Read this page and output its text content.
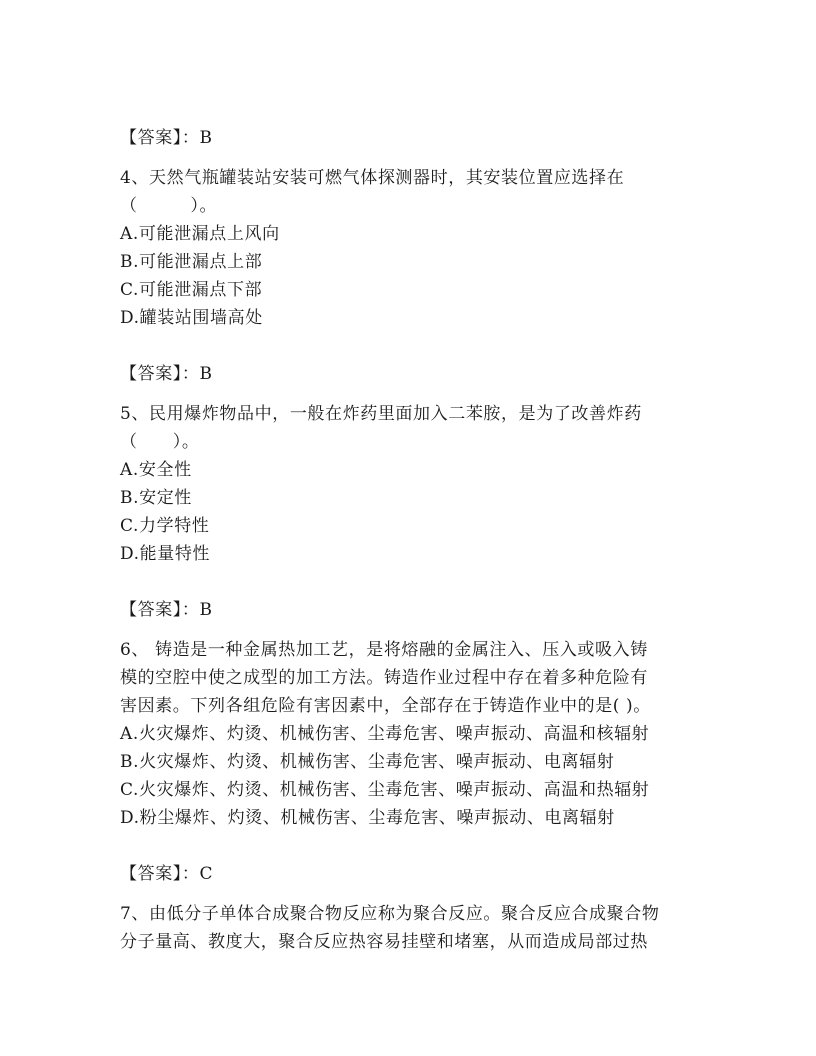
【答案】：B
4、天然气瓶罐装站安装可燃气体探测器时，其安装位置应选择在
（　　　）。
A.可能泄漏点上风向
B.可能泄漏点上部
C.可能泄漏点下部
D.罐装站围墙高处
【答案】：B
5、民用爆炸物品中，一般在炸药里面加入二苯胺，是为了改善炸药
（　　）。
A.安全性
B.安定性
C.力学特性
D.能量特性
【答案】：B
6、 铸造是一种金属热加工艺，是将熔融的金属注入、压入或吸入铸
模的空腔中使之成型的加工方法。铸造作业过程中存在着多种危险有
害因素。下列各组危险有害因素中，全部存在于铸造作业中的是( )。
A.火灾爆炸、灼烫、机械伤害、尘毒危害、噪声振动、高温和核辐射
B.火灾爆炸、灼烫、机械伤害、尘毒危害、噪声振动、电离辐射
C.火灾爆炸、灼烫、机械伤害、尘毒危害、噪声振动、高温和热辐射
D.粉尘爆炸、灼烫、机械伤害、尘毒危害、噪声振动、电离辐射
【答案】：C
7、由低分子单体合成聚合物反应称为聚合反应。聚合反应合成聚合物
分子量高、教度大，聚合反应热容易挂壁和堵塞，从而造成局部过热
